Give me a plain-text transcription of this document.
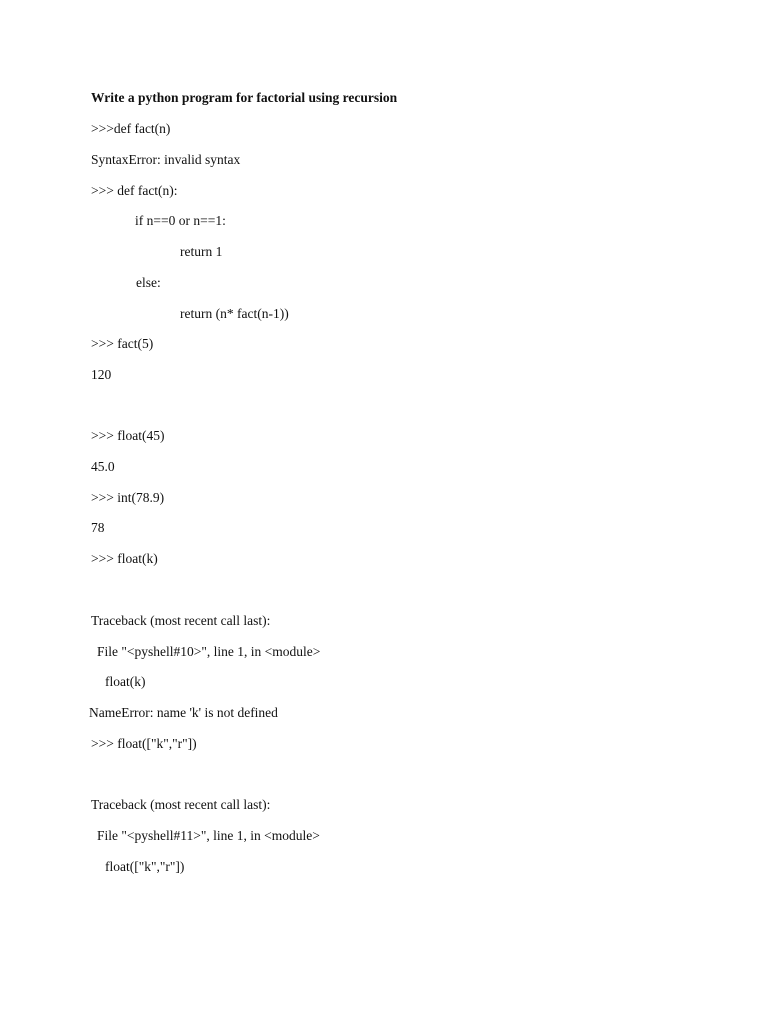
Write a python program for factorial using recursion
>>>def fact(n)
SyntaxError: invalid syntax
>>> def fact(n):
if n==0 or n==1:
return 1
else:
return (n* fact(n-1))
>>> fact(5)
120
>>> float(45)
45.0
>>> int(78.9)
78
>>> float(k)
Traceback (most recent call last):
File "<pyshell#10>", line 1, in <module>
float(k)
NameError: name 'k' is not defined
>>> float(["k","r"])
Traceback (most recent call last):
File "<pyshell#11>", line 1, in <module>
float(["k","r"])
